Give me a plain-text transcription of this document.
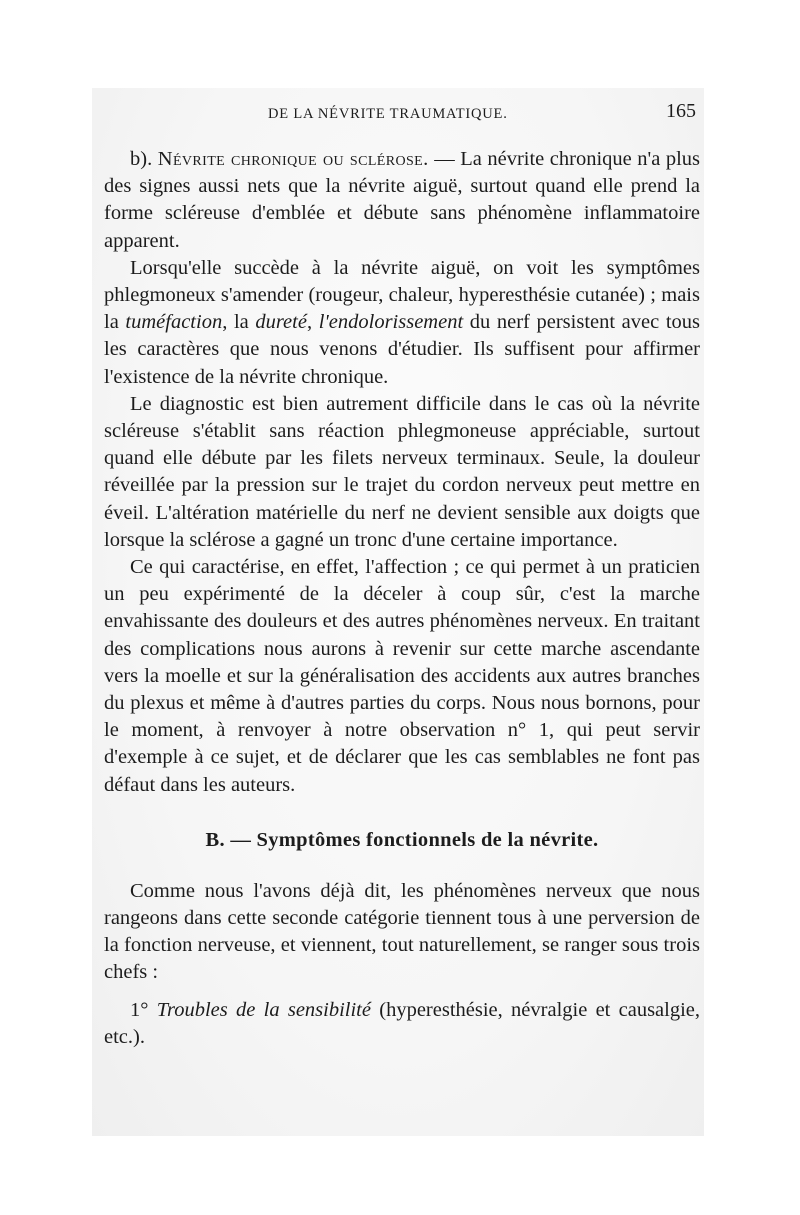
DE LA NÉVRITE TRAUMATIQUE.	165

b). Névrite chronique ou sclérose. — La névrite chronique n'a plus des signes aussi nets que la névrite aiguë, surtout quand elle prend la forme scléreuse d'emblée et débute sans phénomène inflammatoire apparent.

Lorsqu'elle succède à la névrite aiguë, on voit les symptômes phlegmoneux s'amender (rougeur, chaleur, hyperesthésie cutanée) ; mais la tuméfaction, la dureté, l'endolorissement du nerf persistent avec tous les caractères que nous venons d'étudier. Ils suffisent pour affirmer l'existence de la névrite chronique.

Le diagnostic est bien autrement difficile dans le cas où la névrite scléreuse s'établit sans réaction phlegmoneuse appréciable, surtout quand elle débute par les filets nerveux terminaux. Seule, la douleur réveillée par la pression sur le trajet du cordon nerveux peut mettre en éveil. L'altération matérielle du nerf ne devient sensible aux doigts que lorsque la sclérose a gagné un tronc d'une certaine importance.

Ce qui caractérise, en effet, l'affection ; ce qui permet à un praticien un peu expérimenté de la déceler à coup sûr, c'est la marche envahissante des douleurs et des autres phénomènes nerveux. En traitant des complications nous aurons à revenir sur cette marche ascendante vers la moelle et sur la généralisation des accidents aux autres branches du plexus et même à d'autres parties du corps. Nous nous bornons, pour le moment, à renvoyer à notre observation n° 1, qui peut servir d'exemple à ce sujet, et de déclarer que les cas semblables ne font pas défaut dans les auteurs.

B. — Symptômes fonctionnels de la névrite.

Comme nous l'avons déjà dit, les phénomènes nerveux que nous rangeons dans cette seconde catégorie tiennent tous à une perversion de la fonction nerveuse, et viennent, tout naturellement, se ranger sous trois chefs :

1° Troubles de la sensibilité (hyperesthésie, névralgie et causalgie, etc.).
